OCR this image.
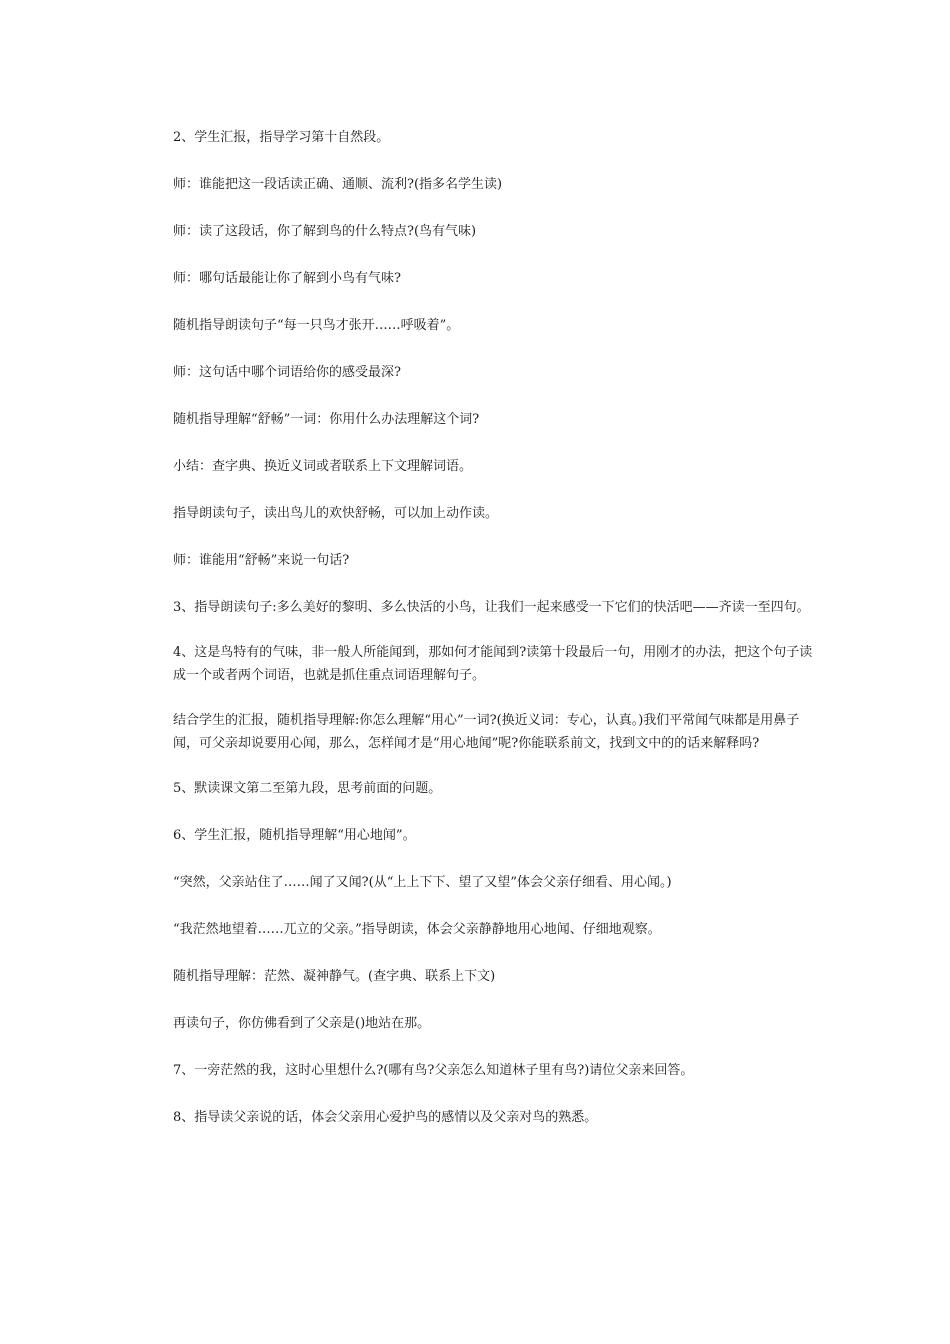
2、学生汇报，指导学习第十自然段。

师：谁能把这一段话读正确、通顺、流利?(指多名学生读)

师：读了这段话，你了解到鸟的什么特点?(鸟有气味)

师：哪句话最能让你了解到小鸟有气味?

随机指导朗读句子“每一只鸟才张开……呼吸着”。

师：这句话中哪个词语给你的感受最深?

随机指导理解“舒畅”一词：你用什么办法理解这个词?

小结：查字典、换近义词或者联系上下文理解词语。

指导朗读句子，读出鸟儿的欢快舒畅，可以加上动作读。

师：谁能用“舒畅”来说一句话?

3、指导朗读句子:多么美好的黎明、多么快活的小鸟，让我们一起来感受一下它们的快活吧——齐读一至四句。

4、这是鸟特有的气味，非一般人所能闻到，那如何才能闻到?读第十段最后一句，用刚才的办法，把这个句子读成一个或者两个词语，也就是抓住重点词语理解句子。

结合学生的汇报，随机指导理解:你怎么理解“用心”一词?(换近义词：专心，认真。)我们平常闻气味都是用鼻子闻，可父亲却说要用心闻，那么，怎样闻才是“用心地闻”呢?你能联系前文，找到文中的的话来解释吗?

5、默读课文第二至第九段，思考前面的问题。

6、学生汇报，随机指导理解“用心地闻”。

“突然，父亲站住了……闻了又闻?(从“上上下下、望了又望”体会父亲仔细看、用心闻。)

“我茫然地望着……兀立的父亲。”指导朗读，体会父亲静静地用心地闻、仔细地观察。

随机指导理解：茫然、凝神静气。(查字典、联系上下文)

再读句子，你仿佛看到了父亲是()地站在那。

7、一旁茫然的我，这时心里想什么?(哪有鸟?父亲怎么知道林子里有鸟?)请位父亲来回答。

8、指导读父亲说的话，体会父亲用心爱护鸟的感情以及父亲对鸟的熟悉。
